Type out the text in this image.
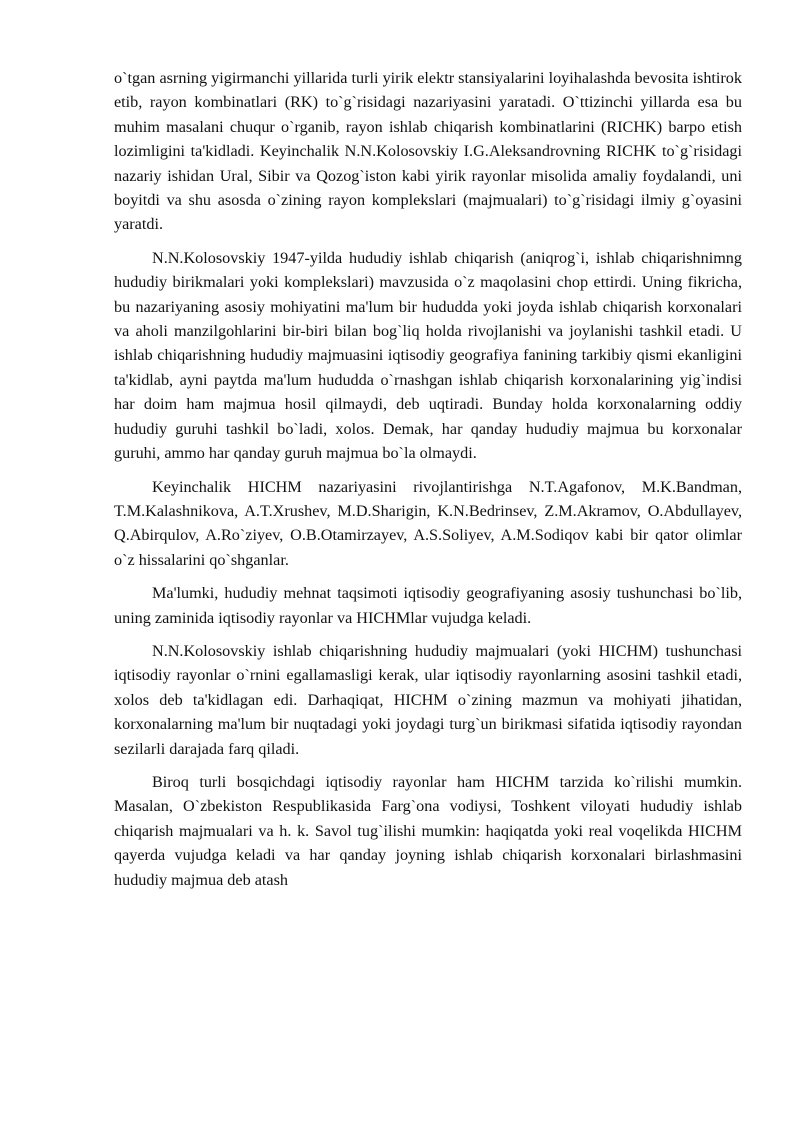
o`tgan asrning yigirmanchi yillarida turli yirik elektr stansiyalarini loyihalashda bevosita ishtirok etib, rayon kombinatlari (RK) to`g`risidagi nazariyasini yaratadi. O`ttizinchi yillarda esa bu muhim masalani chuqur o`rganib, rayon ishlab chiqarish kombinatlarini (RICHK) barpo etish lozimligini ta'kidladi. Keyinchalik N.N.Kolosovskiy I.G.Aleksandrovning RICHK to`g`risidagi nazariy ishidan Ural, Sibir va Qozog`iston kabi yirik rayonlar misolida amaliy foydalandi, uni boyitdi va shu asosda o`zining rayon komplekslari (majmualari) to`g`risidagi ilmiy g`oyasini yaratdi.

N.N.Kolosovskiy 1947-yilda hududiy ishlab chiqarish (aniqrog`i, ishlab chiqarishnimng hududiy birikmalari yoki komplekslari) mavzusida o`z maqolasini chop ettirdi. Uning fikricha, bu nazariyaning asosiy mohiyatini ma'lum bir hududda yoki joyda ishlab chiqarish korxonalari va aholi manzilgohlarini bir-biri bilan bog`liq holda rivojlanishi va joylanishi tashkil etadi. U ishlab chiqarishning hududiy majmuasini iqtisodiy geografiya fanining tarkibiy qismi ekanligini ta'kidlab, ayni paytda ma'lum hududda o`rnashgan ishlab chiqarish korxonalarining yig`indisi har doim ham majmua hosil qilmaydi, deb uqtiradi. Bunday holda korxonalarning oddiy hududiy guruhi tashkil bo`ladi, xolos. Demak, har qanday hududiy majmua bu korxonalar guruhi, ammo har qanday guruh majmua bo`la olmaydi.

Keyinchalik HICHM nazariyasini rivojlantirishga N.T.Agafonov, M.K.Bandman, T.M.Kalashnikova, A.T.Xrushev, M.D.Sharigin, K.N.Bedrinsev, Z.M.Akramov, O.Abdullayev, Q.Abirqulov, A.Ro`ziyev, O.B.Otamirzayev, A.S.Soliyev, A.M.Sodiqov kabi bir qator olimlar o`z hissalarini qo`shganlar.

Ma'lumki, hududiy mehnat taqsimoti iqtisodiy geografiyaning asosiy tushunchasi bo`lib, uning zaminida iqtisodiy rayonlar va HICHMlar vujudga keladi.

N.N.Kolosovskiy ishlab chiqarishning hududiy majmualari (yoki HICHM) tushunchasi iqtisodiy rayonlar o`rnini egallamasligi kerak, ular iqtisodiy rayonlarning asosini tashkil etadi, xolos deb ta'kidlagan edi. Darhaqiqat, HICHM o`zining mazmun va mohiyati jihatidan, korxonalarning ma'lum bir nuqtadagi yoki joydagi turg`un birikmasi sifatida iqtisodiy rayondan sezilarli darajada farq qiladi.

Biroq turli bosqichdagi iqtisodiy rayonlar ham HICHM tarzida ko`rilishi mumkin. Masalan, O`zbekiston Respublikasida Farg`ona vodiysi, Toshkent viloyati hududiy ishlab chiqarish majmualari va h. k. Savol tug`ilishi mumkin: haqiqatda yoki real voqelikda HICHM qayerda vujudga keladi va har qanday joyning ishlab chiqarish korxonalari birlashmasini hududiy majmua deb atash
